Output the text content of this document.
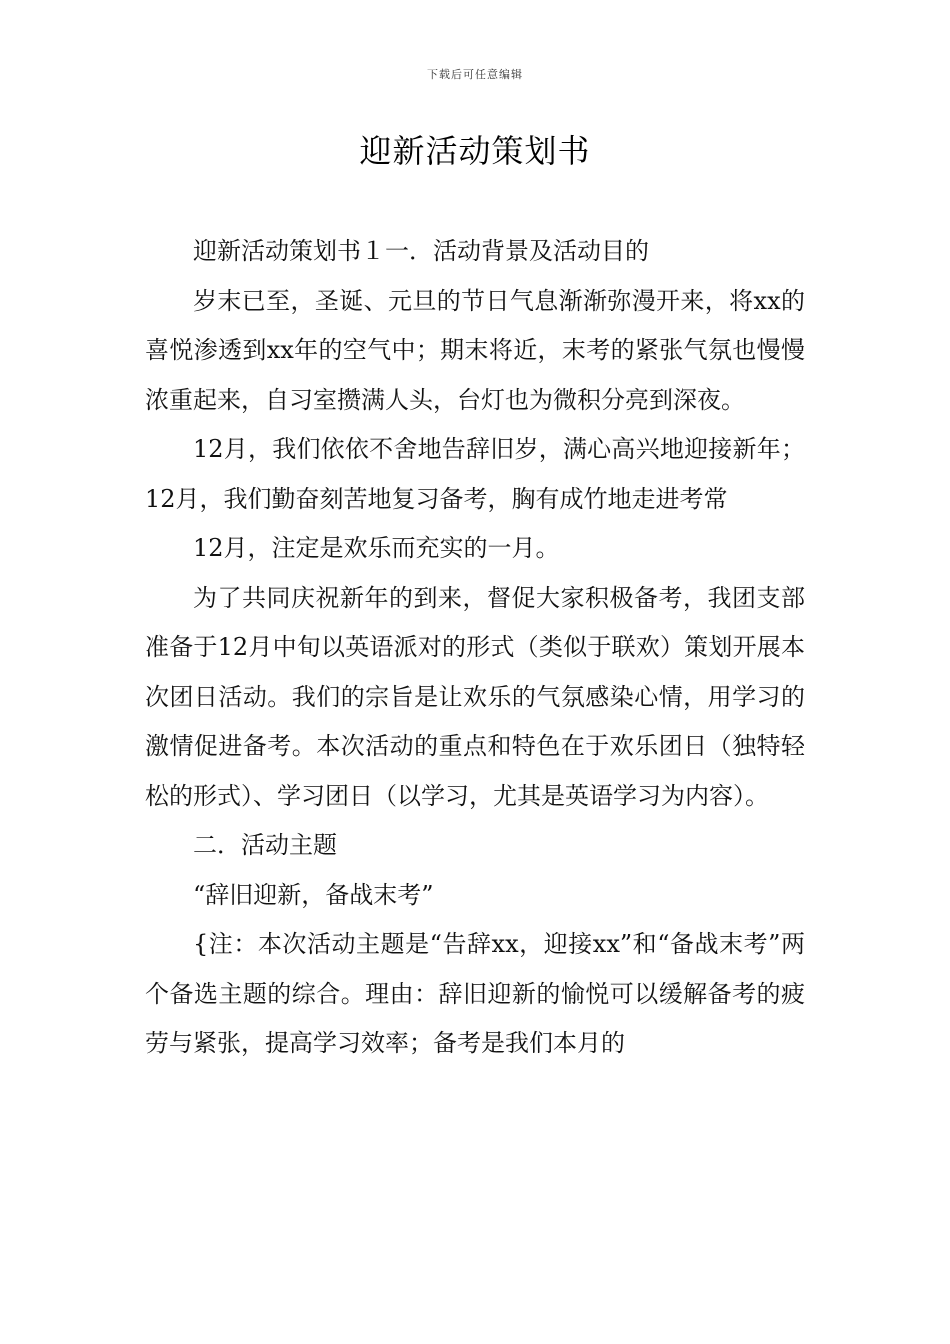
下载后可任意编辑
迎新活动策划书

迎新活动策划书１一．活动背景及活动目的

岁末已至，圣诞、元旦的节日气息渐渐弥漫开来，将xx的喜悦渗透到xx年的空气中；期末将近，末考的紧张气氛也慢慢浓重起来，自习室攒满人头，台灯也为微积分亮到深夜。

12月，我们依依不舍地告辞旧岁，满心高兴地迎接新年；12月，我们勤奋刻苦地复习备考，胸有成竹地走进考常

12月，注定是欢乐而充实的一月。

为了共同庆祝新年的到来，督促大家积极备考，我团支部准备于12月中旬以英语派对的形式（类似于联欢）策划开展本次团日活动。我们的宗旨是让欢乐的气氛感染心情，用学习的激情促进备考。本次活动的重点和特色在于欢乐团日（独特轻松的形式）、学习团日（以学习，尤其是英语学习为内容）。

二．活动主题

“辞旧迎新，备战末考”

{注：本次活动主题是“告辞xx，迎接xx”和“备战末考”两个备选主题的综合。理由：辞旧迎新的愉悦可以缓解备考的疲劳与紧张，提高学习效率；备考是我们本月的
